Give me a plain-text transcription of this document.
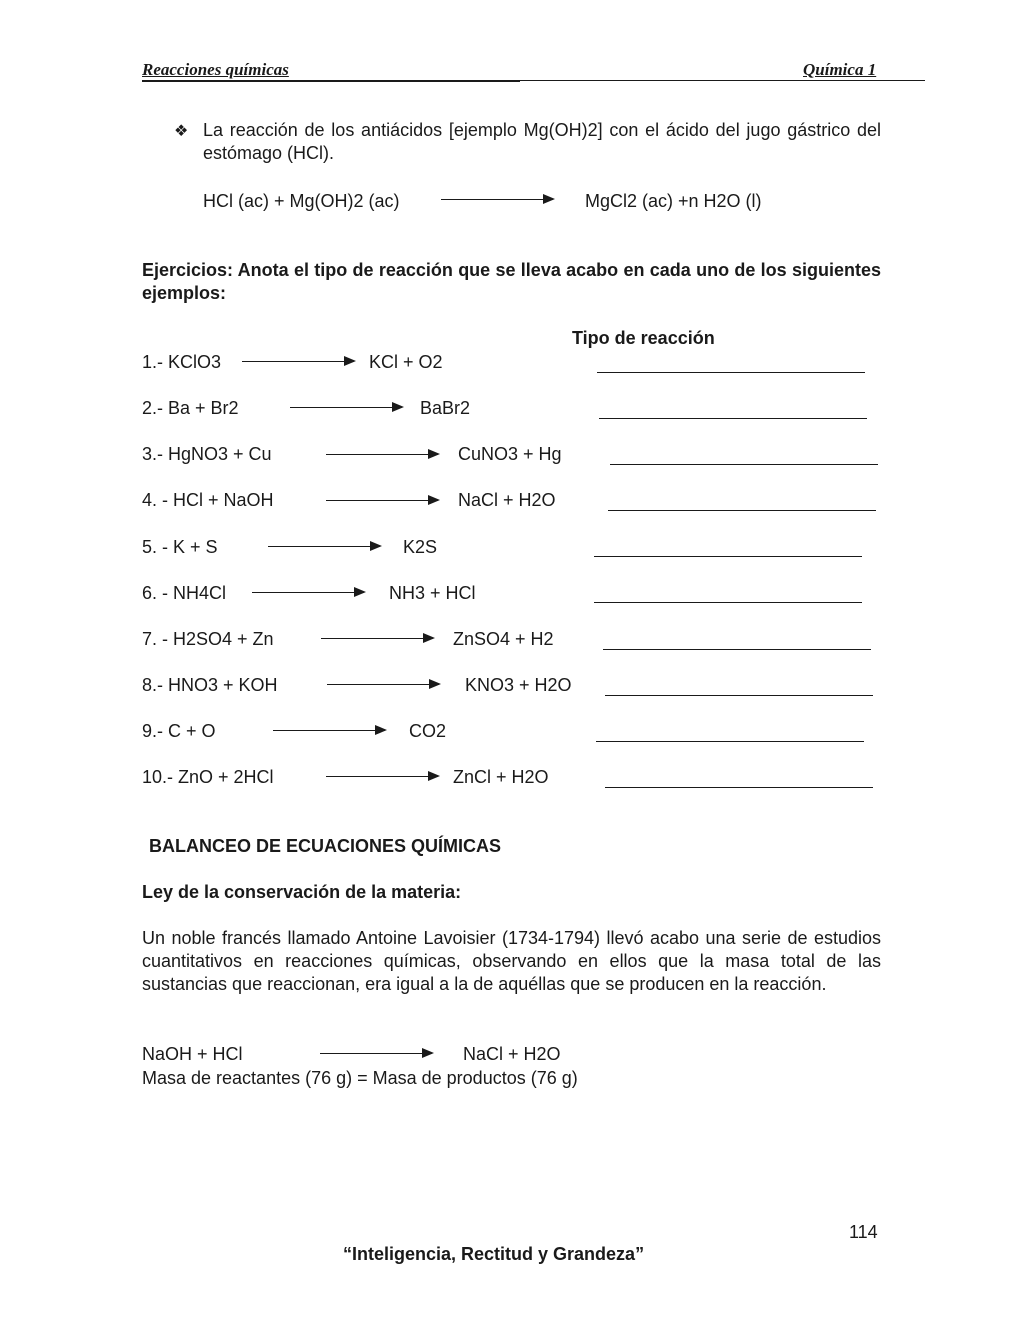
Reacciones químicas	Química 1
❖ La reacción de los antiácidos [ejemplo Mg(OH)2] con el ácido del jugo gástrico del estómago (HCl).
HCl (ac) + Mg(OH)2 (ac)	MgCl2 (ac) +n H2O (l)
Ejercicios: Anota el tipo de reacción que se lleva acabo en cada uno de los siguientes ejemplos:
Tipo de reacción
1.- KClO3	KCl + O2
2.- Ba + Br2	BaBr2
3.- HgNO3 + Cu	CuNO3 + Hg
4. - HCl + NaOH	NaCl + H2O
5. - K + S	K2S
6. - NH4Cl	NH3 + HCl
7. - H2SO4 + Zn	ZnSO4 + H2
8.- HNO3 + KOH	KNO3 + H2O
9.- C + O	CO2
10.- ZnO + 2HCl	ZnCl + H2O
BALANCEO DE ECUACIONES QUÍMICAS
Ley de la conservación de la materia:
Un noble francés llamado Antoine Lavoisier (1734-1794) llevó acabo una serie de estudios cuantitativos en reacciones químicas, observando en ellos que la masa total de las sustancias que reaccionan, era igual a la de aquéllas que se producen en la reacción.
NaOH + HCl	NaCl + H2O
Masa de reactantes (76 g) = Masa de productos (76 g)
114
“Inteligencia, Rectitud y Grandeza”
